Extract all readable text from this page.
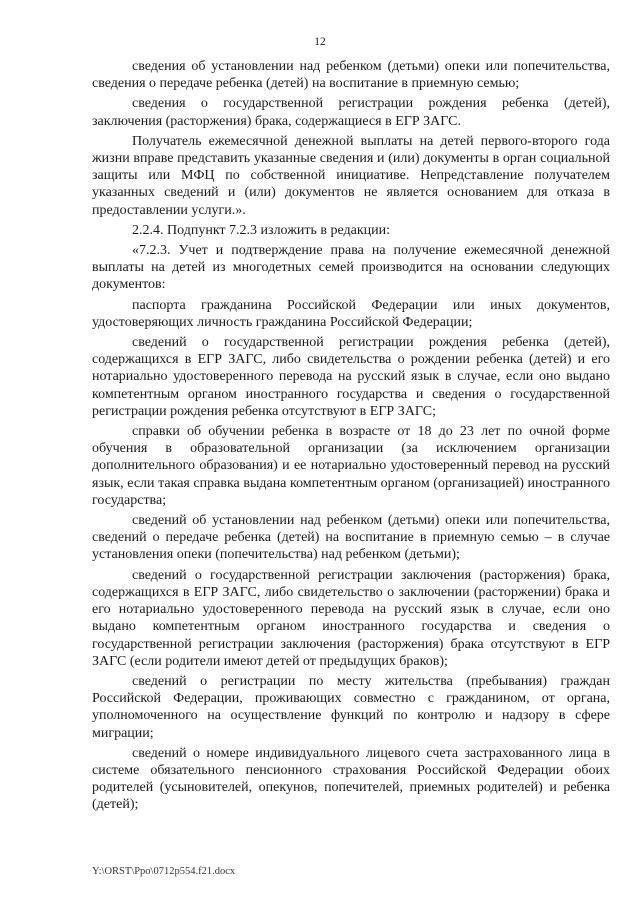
12

сведения об установлении над ребенком (детьми) опеки или попечительства, сведения о передаче ребенка (детей) на воспитание в приемную семью;

сведения о государственной регистрации рождения ребенка (детей), заключения (расторжения) брака, содержащиеся в ЕГР ЗАГС.

Получатель ежемесячной денежной выплаты на детей первого-второго года жизни вправе представить указанные сведения и (или) документы в орган социальной защиты или МФЦ по собственной инициативе. Непредставление получателем указанных сведений и (или) документов не является основанием для отказа в предоставлении услуги.».

2.2.4. Подпункт 7.2.3 изложить в редакции:

«7.2.3. Учет и подтверждение права на получение ежемесячной денежной выплаты на детей из многодетных семей производится на основании следующих документов:

паспорта гражданина Российской Федерации или иных документов, удостоверяющих личность гражданина Российской Федерации;

сведений о государственной регистрации рождения ребенка (детей), содержащихся в ЕГР ЗАГС, либо свидетельства о рождении ребенка (детей) и его нотариально удостоверенного перевода на русский язык в случае, если оно выдано компетентным органом иностранного государства и сведения о государственной регистрации рождения ребенка отсутствуют в ЕГР ЗАГС;

справки об обучении ребенка в возрасте от 18 до 23 лет по очной форме обучения в образовательной организации (за исключением организации дополнительного образования) и ее нотариально удостоверенный перевод на русский язык, если такая справка выдана компетентным органом (организацией) иностранного государства;

сведений об установлении над ребенком (детьми) опеки или попечительства, сведений о передаче ребенка (детей) на воспитание в приемную семью – в случае установления опеки (попечительства) над ребенком (детьми);

сведений о государственной регистрации заключения (расторжения) брака, содержащихся в ЕГР ЗАГС, либо свидетельство о заключении (расторжении) брака и его нотариально удостоверенного перевода на русский язык в случае, если оно выдано компетентным органом иностранного государства и сведения о государственной регистрации заключения (расторжения) брака отсутствуют в ЕГР ЗАГС (если родители имеют детей от предыдущих браков);

сведений о регистрации по месту жительства (пребывания) граждан Российской Федерации, проживающих совместно с гражданином, от органа, уполномоченного на осуществление функций по контролю и надзору в сфере миграции;

сведений о номере индивидуального лицевого счета застрахованного лица в системе обязательного пенсионного страхования Российской Федерации обоих родителей (усыновителей, опекунов, попечителей, приемных родителей) и ребенка (детей);

Y:\ORST\Ppo\0712p554.f21.docx
